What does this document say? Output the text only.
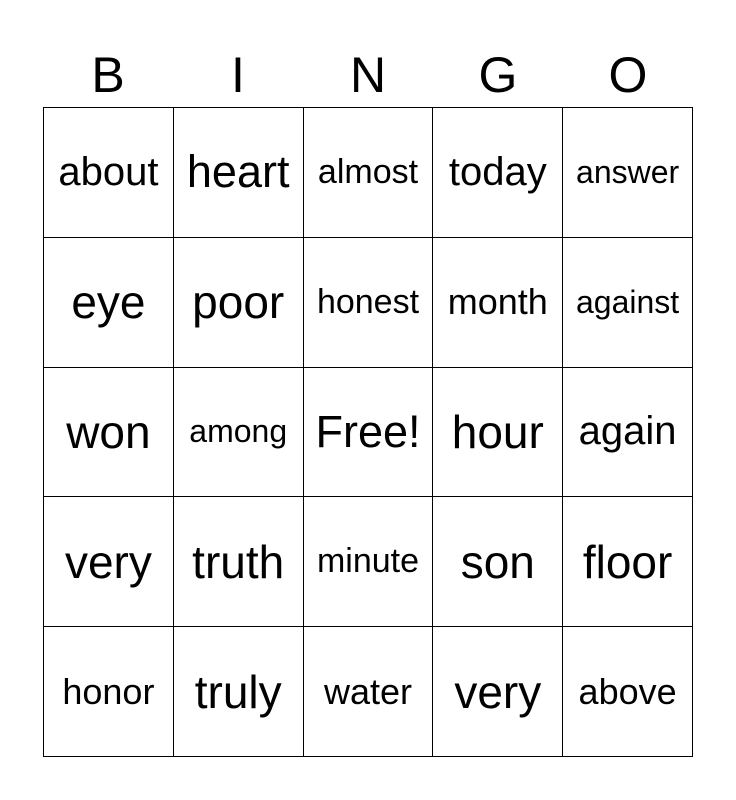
B	I	N	G	O
about heart almost today answer
eye poor honest month against
won among Free! hour again
very truth minute son floor
honor truly water very above
